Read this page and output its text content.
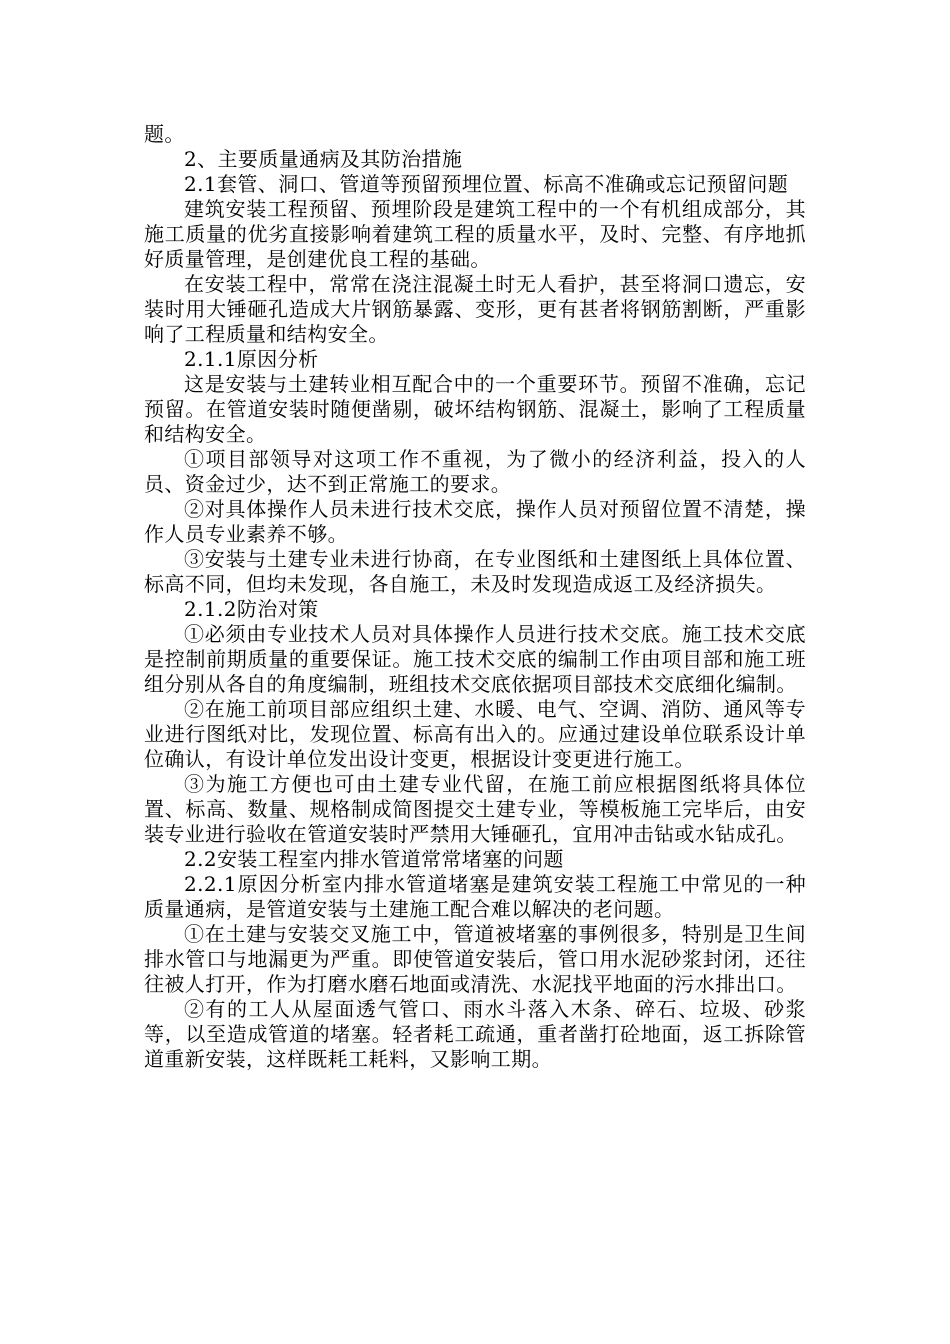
题。

2、主要质量通病及其防治措施

2.1套管、洞口、管道等预留预埋位置、标高不准确或忘记预留问题

建筑安装工程预留、预埋阶段是建筑工程中的一个有机组成部分，其施工质量的优劣直接影响着建筑工程的质量水平，及时、完整、有序地抓好质量管理，是创建优良工程的基础。

在安装工程中，常常在浇注混凝土时无人看护，甚至将洞口遗忘，安装时用大锤砸孔造成大片钢筋暴露、变形，更有甚者将钢筋割断，严重影响了工程质量和结构安全。

2.1.1原因分析

这是安装与土建转业相互配合中的一个重要环节。预留不准确，忘记预留。在管道安装时随便凿剔，破坏结构钢筋、混凝土，影响了工程质量和结构安全。

①项目部领导对这项工作不重视，为了微小的经济利益，投入的人员、资金过少，达不到正常施工的要求。

②对具体操作人员未进行技术交底，操作人员对预留位置不清楚，操作人员专业素养不够。

③安装与土建专业未进行协商，在专业图纸和土建图纸上具体位置、标高不同，但均未发现，各自施工，未及时发现造成返工及经济损失。

2.1.2防治对策

①必须由专业技术人员对具体操作人员进行技术交底。施工技术交底是控制前期质量的重要保证。施工技术交底的编制工作由项目部和施工班组分别从各自的角度编制，班组技术交底依据项目部技术交底细化编制。

②在施工前项目部应组织土建、水暖、电气、空调、消防、通风等专业进行图纸对比，发现位置、标高有出入的。应通过建设单位联系设计单位确认，有设计单位发出设计变更，根据设计变更进行施工。

③为施工方便也可由土建专业代留，在施工前应根据图纸将具体位置、标高、数量、规格制成简图提交土建专业，等模板施工完毕后，由安装专业进行验收在管道安装时严禁用大锤砸孔，宜用冲击钻或水钻成孔。

2.2安装工程室内排水管道常常堵塞的问题

2.2.1原因分析室内排水管道堵塞是建筑安装工程施工中常见的一种质量通病，是管道安装与土建施工配合难以解决的老问题。

①在土建与安装交叉施工中，管道被堵塞的事例很多，特别是卫生间排水管口与地漏更为严重。即使管道安装后，管口用水泥砂浆封闭，还往往被人打开，作为打磨水磨石地面或清洗、水泥找平地面的污水排出口。

②有的工人从屋面透气管口、雨水斗落入木条、碎石、垃圾、砂浆等，以至造成管道的堵塞。轻者耗工疏通，重者凿打砼地面，返工拆除管道重新安装，这样既耗工耗料，又影响工期。
